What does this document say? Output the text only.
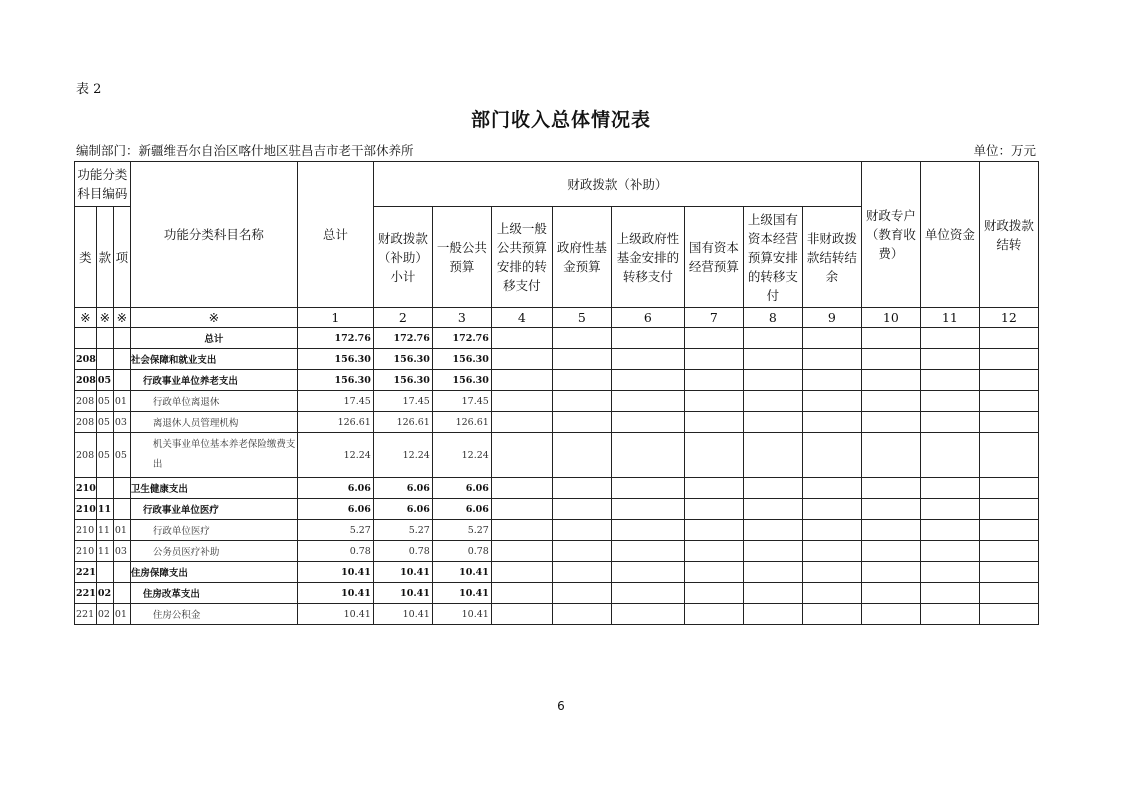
表 2
部门收入总体情况表
编制部门：新疆维吾尔自治区喀什地区驻昌吉市老干部休养所	单位：万元
功能分类科目编码			功能分类科目名称	总计	财政拨款（补助）								财政专户（教育收费）	单位资金	财政拨款结转
类	款	项			财政拨款（补助）小计	一般公共预算	上级一般公共预算安排的转移支付	政府性基金预算	上级政府性基金安排的转移支付	国有资本经营预算	上级国有资本经营预算安排的转移支付	非财政拨款结转结余			
※	※	※	※	1	2	3	4	5	6	7	8	9	10	11	12
			总计	172.76	172.76	172.76									
208			社会保障和就业支出	156.30	156.30	156.30									
208	05		行政事业单位养老支出	156.30	156.30	156.30									
208	05	01	行政单位离退休	17.45	17.45	17.45									
208	05	03	离退休人员管理机构	126.61	126.61	126.61									
208	05	05	机关事业单位基本养老保险缴费支出	12.24	12.24	12.24									
210			卫生健康支出	6.06	6.06	6.06									
210	11		行政事业单位医疗	6.06	6.06	6.06									
210	11	01	行政单位医疗	5.27	5.27	5.27									
210	11	03	公务员医疗补助	0.78	0.78	0.78									
221			住房保障支出	10.41	10.41	10.41									
221	02		住房改革支出	10.41	10.41	10.41									
221	02	01	住房公积金	10.41	10.41	10.41									
6
